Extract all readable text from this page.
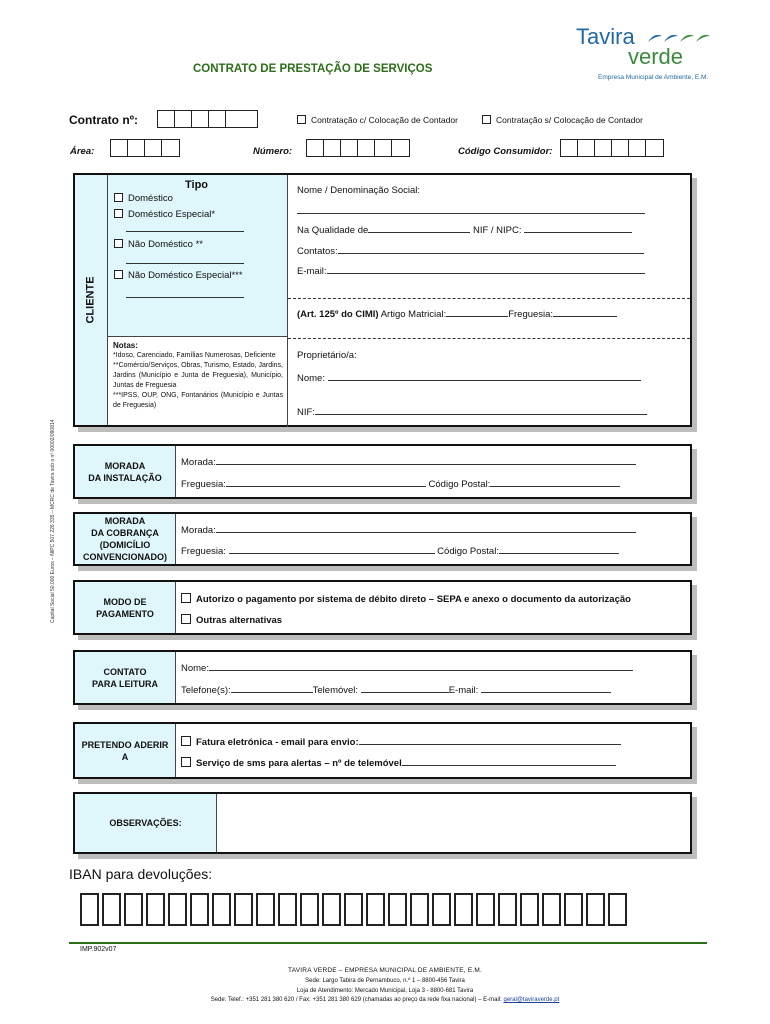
Tavira
verde
Empresa Municipal de Ambiente, E.M.
CONTRATO DE PRESTAÇÃO DE SERVIÇOS
Contrato nº:	Contratação c/ Colocação de Contador	Contratação s/ Colocação de Contador
Área:	Número:	Código Consumidor:
Capital Social 50.000 Euros – NIPC 507 226 335 – MCRC de Tavira sob o nº 00002/090814
CLIENTE
Tipo
Doméstico
Doméstico Especial*
Não Doméstico **
Não Doméstico Especial***
Notas:
*Idoso, Carenciado, Famílias Numerosas, Deficiente
**Comércio/Serviços, Obras, Turismo, Estado, Jardins, Jardins (Município e Junta de Freguesia), Município, Juntas de Freguesia
***IPSS, OUP, ONG, Fontanários (Município e Juntas de Freguesia)
Nome / Denominação Social:
Na Qualidade de	NIF / NIPC:
Contatos:
E-mail:
(Art. 125º do CIMI) Artigo Matricial:	Freguesia:
Proprietário/a:
Nome:
NIF:
MORADA
DA INSTALAÇÃO
Morada:
Freguesia:	Código Postal:
MORADA
DA COBRANÇA
(DOMICÍLIO
CONVENCIONADO)
Morada:
Freguesia:	Código Postal:
MODO DE
PAGAMENTO
Autorizo o pagamento por sistema de débito direto – SEPA e anexo o documento da autorização
Outras alternativas
CONTATO
PARA LEITURA
Nome:
Telefone(s):	Telemóvel:	E-mail:
PRETENDO ADERIR
A
Fatura eletrónica - email para envio:
Serviço de sms para alertas – nº de telemóvel
OBSERVAÇÕES:
IBAN para devoluções:
IMP.902v07
TAVIRA VERDE – EMPRESA MUNICIPAL DE AMBIENTE, E.M.
Sede: Largo Tabira de Pernambuco, n.º 1 – 8800-456 Tavira
Loja de Atendimento: Mercado Municipal, Loja 3 - 8800-681 Tavira
Sede: Telef.: +351 281 380 620 / Fax: +351 281 380 629 (chamadas ao preço da rede fixa nacional) – E-mail: geral@taviraverde.pt
